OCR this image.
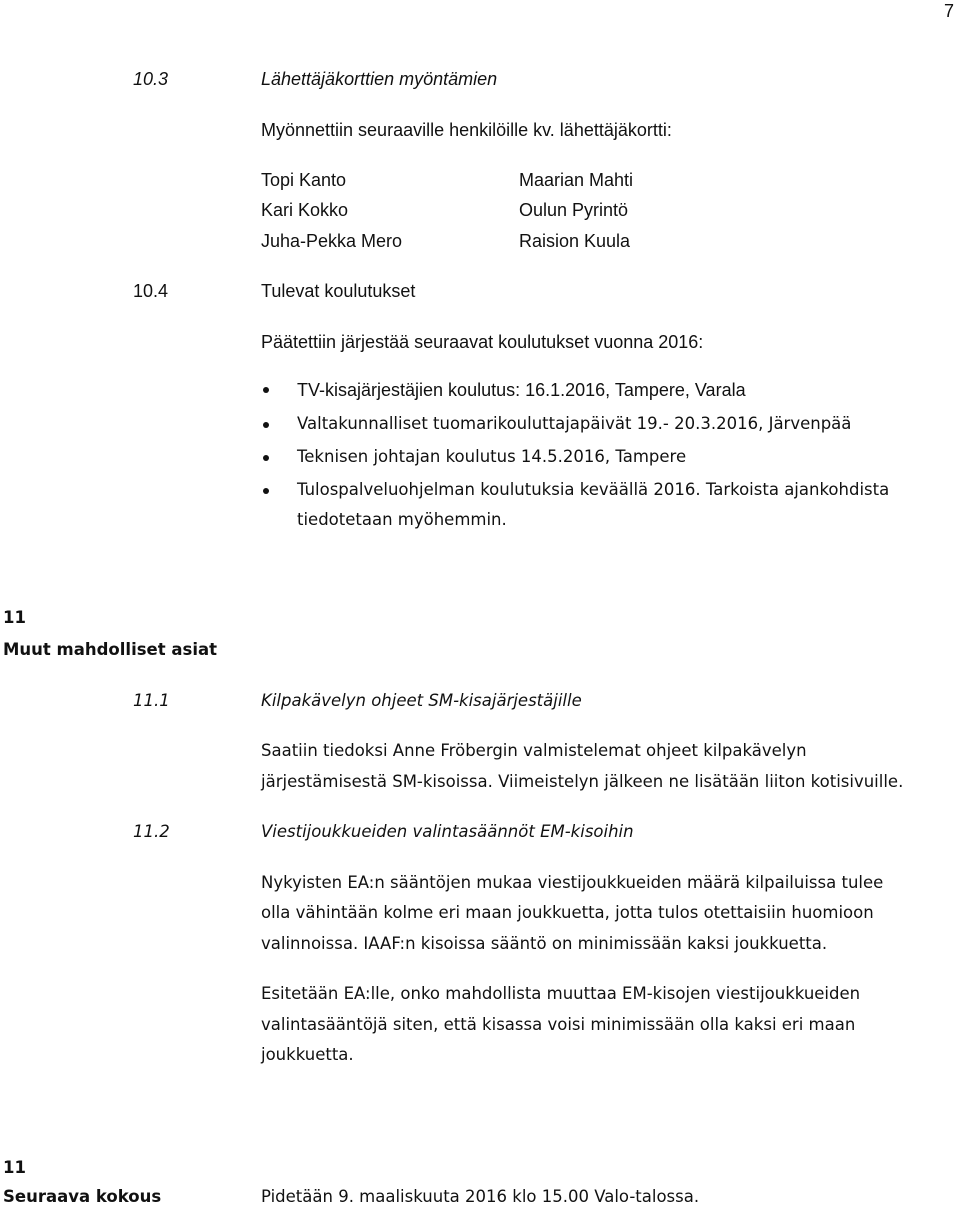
7
10.3	Lähettäjäkorttien myöntämien
Myönnettiin seuraaville henkilöille kv. lähettäjäkortti:
Topi Kanto	Maarian Mahti
Kari Kokko	Oulun Pyrintö
Juha-Pekka Mero	Raision Kuula
10.4	Tulevat koulutukset
Päätettiin järjestää seuraavat koulutukset vuonna 2016:
TV-kisajärjestäjien koulutus: 16.1.2016, Tampere, Varala
Valtakunnalliset tuomarikouluttajapäivät 19.- 20.3.2016, Järvenpää
Teknisen johtajan koulutus 14.5.2016, Tampere
Tulospalveluohjelman koulutuksia keväällä 2016. Tarkoista ajankohdista
tiedotetaan myöhemmin.
11
Muut mahdolliset asiat
11.1	Kilpakävelyn ohjeet SM-kisajärjestäjille
Saatiin tiedoksi Anne Fröbergin valmistelemat ohjeet kilpakävelyn
järjestämisestä SM-kisoissa. Viimeistelyn jälkeen ne lisätään liiton kotisivuille.
11.2	Viestijoukkueiden valintasäännöt EM-kisoihin
Nykyisten EA:n sääntöjen mukaa viestijoukkueiden määrä kilpailuissa tulee
olla vähintään kolme eri maan joukkuetta, jotta tulos otettaisiin huomioon
valinnoissa. IAAF:n kisoissa sääntö on minimissään kaksi joukkuetta.
Esitetään EA:lle, onko mahdollista muuttaa EM-kisojen viestijoukkueiden
valintasääntöjä siten, että kisassa voisi minimissään olla kaksi eri maan
joukkuetta.
11
Seuraava kokous	Pidetään 9. maaliskuuta 2016 klo 15.00 Valo-talossa.
